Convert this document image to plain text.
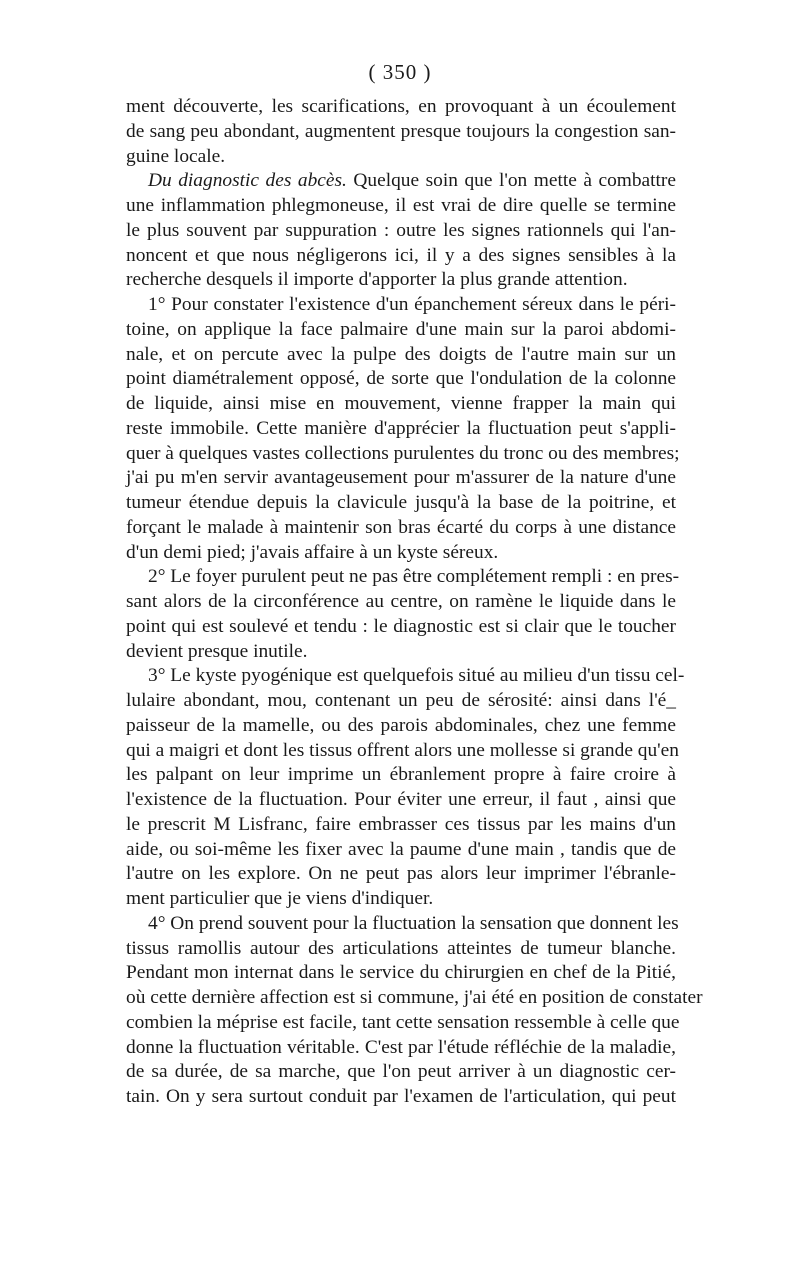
( 350 )
ment découverte, les scarifications, en provoquant à un écoulement
de sang peu abondant, augmentent presque toujours la congestion san-
guine locale.
Du diagnostic des abcès. Quelque soin que l'on mette à combattre
une inflammation phlegmoneuse, il est vrai de dire quelle se termine
le plus souvent par suppuration : outre les signes rationnels qui l'an-
noncent et que nous négligerons ici, il y a des signes sensibles à la
recherche desquels il importe d'apporter la plus grande attention.
1° Pour constater l'existence d'un épanchement séreux dans le péri-
toine, on applique la face palmaire d'une main sur la paroi abdomi-
nale, et on percute avec la pulpe des doigts de l'autre main sur un
point diamétralement opposé, de sorte que l'ondulation de la colonne
de liquide, ainsi mise en mouvement, vienne frapper la main qui
reste immobile. Cette manière d'apprécier la fluctuation peut s'appli-
quer à quelques vastes collections purulentes du tronc ou des membres;
j'ai pu m'en servir avantageusement pour m'assurer de la nature d'une
tumeur étendue depuis la clavicule jusqu'à la base de la poitrine, et
forçant le malade à maintenir son bras écarté du corps à une distance
d'un demi pied; j'avais affaire à un kyste séreux.
2° Le foyer purulent peut ne pas être complétement rempli : en pres-
sant alors de la circonférence au centre, on ramène le liquide dans le
point qui est soulevé et tendu : le diagnostic est si clair que le toucher
devient presque inutile.
3° Le kyste pyogénique est quelquefois situé au milieu d'un tissu cel-
lulaire abondant, mou, contenant un peu de sérosité: ainsi dans l'é_
paisseur de la mamelle, ou des parois abdominales, chez une femme
qui a maigri et dont les tissus offrent alors une mollesse si grande qu'en
les palpant on leur imprime un ébranlement propre à faire croire à
l'existence de la fluctuation. Pour éviter une erreur, il faut , ainsi que
le prescrit M Lisfranc, faire embrasser ces tissus par les mains d'un
aide, ou soi-même les fixer avec la paume d'une main , tandis que de
l'autre on les explore. On ne peut pas alors leur imprimer l'ébranle-
ment particulier que je viens d'indiquer.
4° On prend souvent pour la fluctuation la sensation que donnent les
tissus ramollis autour des articulations atteintes de tumeur blanche.
Pendant mon internat dans le service du chirurgien en chef de la Pitié,
où cette dernière affection est si commune, j'ai été en position de constater
combien la méprise est facile, tant cette sensation ressemble à celle que
donne la fluctuation véritable. C'est par l'étude réfléchie de la maladie,
de sa durée, de sa marche, que l'on peut arriver à un diagnostic cer-
tain. On y sera surtout conduit par l'examen de l'articulation, qui peut
